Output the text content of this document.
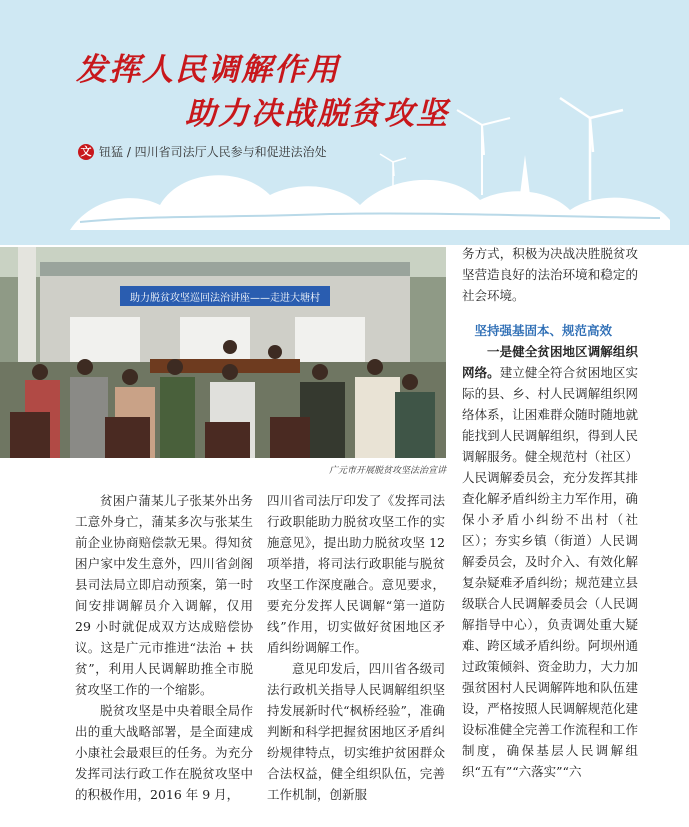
发挥人民调解作用
助力决战脱贫攻坚
文 钮猛 / 四川省司法厅人民参与和促进法治处
助力脱贫攻坚巡回法治讲座——走进大塘村
广元市开展脱贫攻坚法治宣讲

贫困户蒲某儿子张某外出务工意外身亡，蒲某多次与张某生前企业协商赔偿款无果。得知贫困户家中发生意外，四川省剑阁县司法局立即启动预案，第一时间安排调解员介入调解，仅用 29 小时就促成双方达成赔偿协议。这是广元市推进“法治 + 扶贫”，利用人民调解助推全市脱贫攻坚工作的一个缩影。

脱贫攻坚是中央着眼全局作出的重大战略部署，是全面建成小康社会最艰巨的任务。为充分发挥司法行政工作在脱贫攻坚中的积极作用，2016 年 9 月，

四川省司法厅印发了《发挥司法行政职能助力脱贫攻坚工作的实施意见》，提出助力脱贫攻坚 12 项举措，将司法行政职能与脱贫攻坚工作深度融合。意见要求，要充分发挥人民调解“第一道防线”作用，切实做好贫困地区矛盾纠纷调解工作。

意见印发后，四川省各级司法行政机关指导人民调解组织坚持发展新时代“枫桥经验”，准确判断和科学把握贫困地区矛盾纠纷规律特点，切实维护贫困群众合法权益，健全组织队伍，完善工作机制，创新服

务方式，积极为决战决胜脱贫攻坚营造良好的法治环境和稳定的社会环境。

坚持强基固本、规范高效

一是健全贫困地区调解组织网络。建立健全符合贫困地区实际的县、乡、村人民调解组织网络体系，让困难群众随时随地就能找到人民调解组织，得到人民调解服务。健全规范村（社区）人民调解委员会，充分发挥其排查化解矛盾纠纷主力军作用，确保小矛盾小纠纷不出村（社区）；夯实乡镇（街道）人民调解委员会，及时介入、有效化解复杂疑难矛盾纠纷；规范建立县级联合人民调解委员会（人民调解指导中心），负责调处重大疑难、跨区域矛盾纠纷。阿坝州通过政策倾斜、资金助力，大力加强贫困村人民调解阵地和队伍建设，严格按照人民调解规范化建设标准健全完善工作流程和工作制度，确保基层人民调解组织“五有”“六落实”“六
